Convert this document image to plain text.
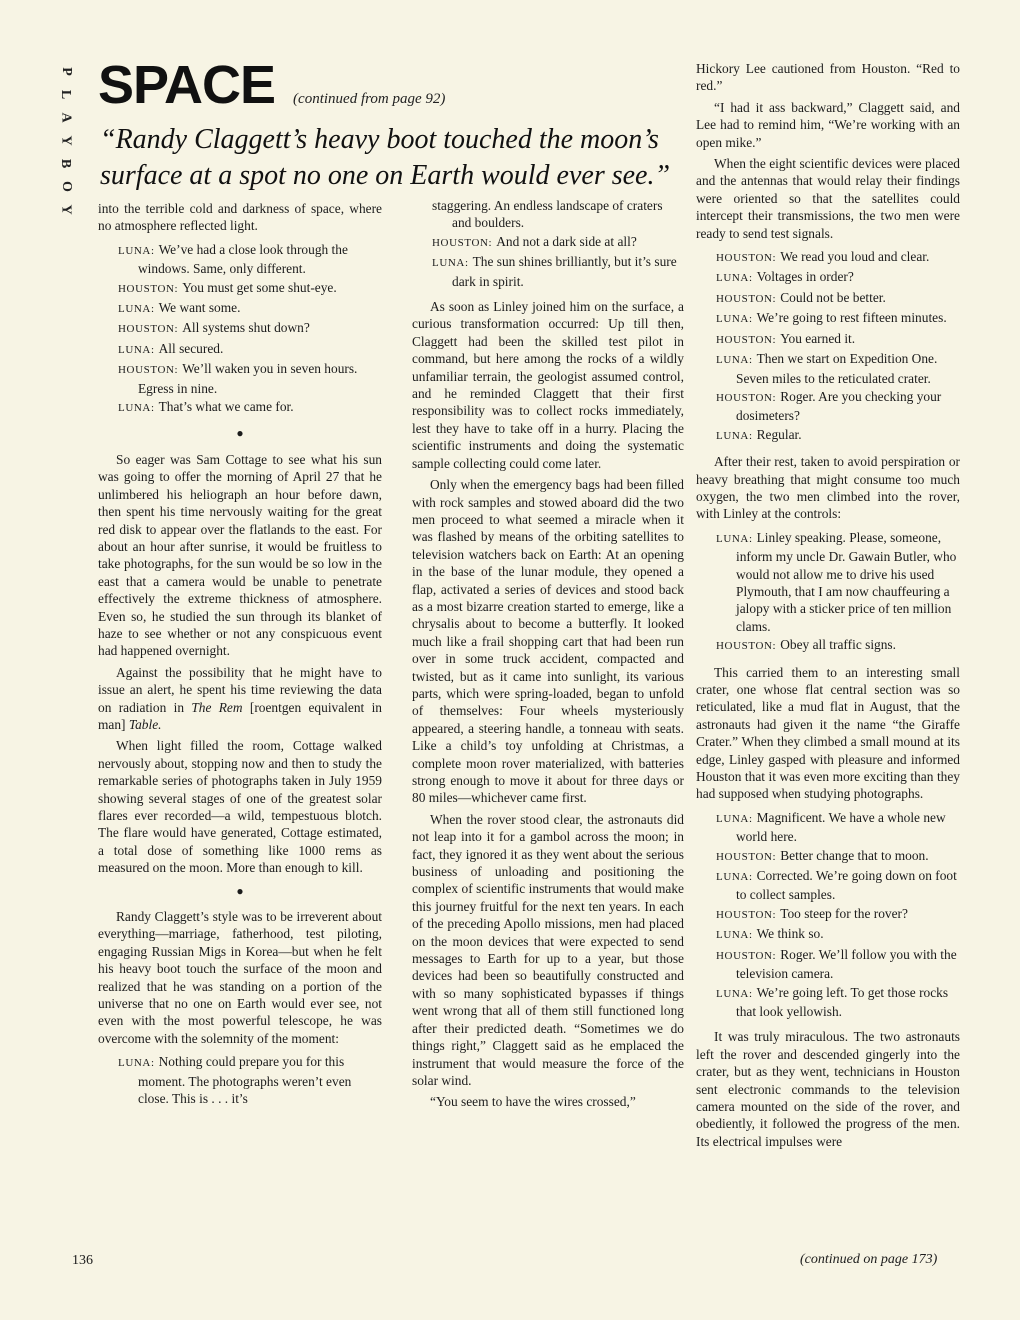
P
L
A
Y
B
O
Y
SPACE (continued from page 92)
“Randy Claggett’s heavy boot touched the moon’s surface at a spot no one on Earth would ever see.”

into the terrible cold and darkness of space, where no atmosphere reflected light.

LUNA: We’ve had a close look through the windows. Same, only different.

HOUSTON: You must get some shut-eye.

LUNA: We want some.

HOUSTON: All systems shut down?

LUNA: All secured.

HOUSTON: We’ll waken you in seven hours. Egress in nine.

LUNA: That’s what we came for.

●

So eager was Sam Cottage to see what his sun was going to offer the morning of April 27 that he unlimbered his heliograph an hour before dawn, then spent his time nervously waiting for the great red disk to appear over the flatlands to the east. For about an hour after sunrise, it would be fruitless to take photographs, for the sun would be so low in the east that a camera would be unable to penetrate effectively the extreme thickness of atmosphere. Even so, he studied the sun through its blanket of haze to see whether or not any conspicuous event had happened overnight.

Against the possibility that he might have to issue an alert, he spent his time reviewing the data on radiation in The Rem [roentgen equivalent in man] Table.

When light filled the room, Cottage walked nervously about, stopping now and then to study the remarkable series of photographs taken in July 1959 showing several stages of one of the greatest solar flares ever recorded—a wild, tempestuous blotch. The flare would have generated, Cottage estimated, a total dose of something like 1000 rems as measured on the moon. More than enough to kill.

●

Randy Claggett’s style was to be irreverent about everything—marriage, fatherhood, test piloting, engaging Russian Migs in Korea—but when he felt his heavy boot touch the surface of the moon and realized that he was standing on a portion of the universe that no one on Earth would ever see, not even with the most powerful telescope, he was overcome with the solemnity of the moment:

LUNA: Nothing could prepare you for this moment. The photographs weren’t even close. This is . . . it’s

staggering. An endless landscape of craters and boulders.

HOUSTON: And not a dark side at all?

LUNA: The sun shines brilliantly, but it’s sure dark in spirit.

As soon as Linley joined him on the surface, a curious transformation occurred: Up till then, Claggett had been the skilled test pilot in command, but here among the rocks of a wildly unfamiliar terrain, the geologist assumed control, and he reminded Claggett that their first responsibility was to collect rocks immediately, lest they have to take off in a hurry. Placing the scientific instruments and doing the systematic sample collecting could come later.

Only when the emergency bags had been filled with rock samples and stowed aboard did the two men proceed to what seemed a miracle when it was flashed by means of the orbiting satellites to television watchers back on Earth: At an opening in the base of the lunar module, they opened a flap, activated a series of devices and stood back as a most bizarre creation started to emerge, like a chrysalis about to become a butterfly. It looked much like a frail shopping cart that had been run over in some truck accident, compacted and twisted, but as it came into sunlight, its various parts, which were spring-loaded, began to unfold of themselves: Four wheels mysteriously appeared, a steering handle, a tonneau with seats. Like a child’s toy unfolding at Christmas, a complete moon rover materialized, with batteries strong enough to move it about for three days or 80 miles—whichever came first.

When the rover stood clear, the astronauts did not leap into it for a gambol across the moon; in fact, they ignored it as they went about the serious business of unloading and positioning the complex of scientific instruments that would make this journey fruitful for the next ten years. In each of the preceding Apollo missions, men had placed on the moon devices that were expected to send messages to Earth for up to a year, but those devices had been so beautifully constructed and with so many sophisticated bypasses if things went wrong that all of them still functioned long after their predicted death. “Sometimes we do things right,” Claggett said as he emplaced the instrument that would measure the force of the solar wind.

“You seem to have the wires crossed,”

Hickory Lee cautioned from Houston. “Red to red.”

“I had it ass backward,” Claggett said, and Lee had to remind him, “We’re working with an open mike.”

When the eight scientific devices were placed and the antennas that would relay their findings were oriented so that the satellites could intercept their transmissions, the two men were ready to send test signals.

HOUSTON: We read you loud and clear.

LUNA: Voltages in order?

HOUSTON: Could not be better.

LUNA: We’re going to rest fifteen minutes.

HOUSTON: You earned it.

LUNA: Then we start on Expedition One. Seven miles to the reticulated crater.

HOUSTON: Roger. Are you checking your dosimeters?

LUNA: Regular.

After their rest, taken to avoid perspiration or heavy breathing that might consume too much oxygen, the two men climbed into the rover, with Linley at the controls:

LUNA: Linley speaking. Please, someone, inform my uncle Dr. Gawain Butler, who would not allow me to drive his used Plymouth, that I am now chauffeuring a jalopy with a sticker price of ten million clams.

HOUSTON: Obey all traffic signs.

This carried them to an interesting small crater, one whose flat central section was so reticulated, like a mud flat in August, that the astronauts had given it the name “the Giraffe Crater.” When they climbed a small mound at its edge, Linley gasped with pleasure and informed Houston that it was even more exciting than they had supposed when studying photographs.

LUNA: Magnificent. We have a whole new world here.

HOUSTON: Better change that to moon.

LUNA: Corrected. We’re going down on foot to collect samples.

HOUSTON: Too steep for the rover?

LUNA: We think so.

HOUSTON: Roger. We’ll follow you with the television camera.

LUNA: We’re going left. To get those rocks that look yellowish.

It was truly miraculous. The two astronauts left the rover and descended gingerly into the crater, but as they went, technicians in Houston sent electronic commands to the television camera mounted on the side of the rover, and obediently, it followed the progress of the men. Its electrical impulses were

136	(continued on page 173)
